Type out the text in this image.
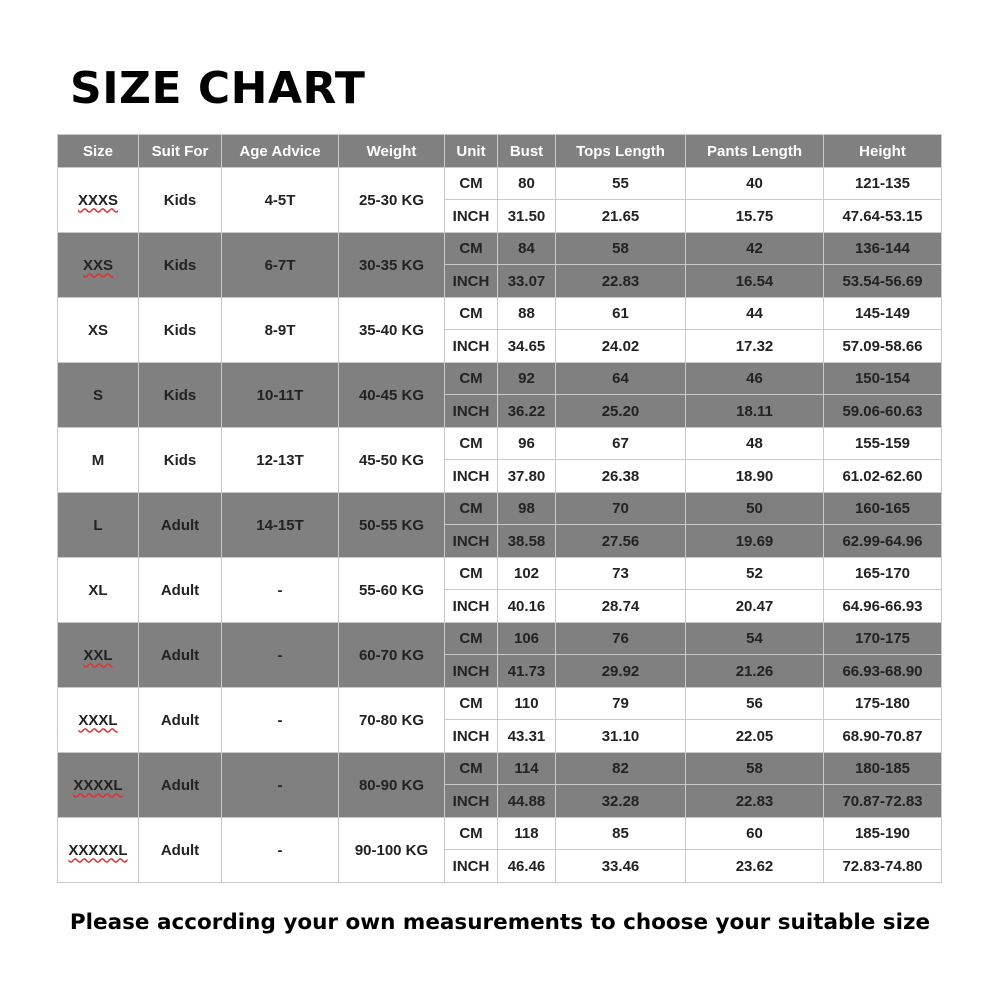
SIZE CHART
Size	Suit For	Age Advice	Weight	Unit	Bust	Tops Length	Pants Length	Height
XXXS	Kids	4-5T	25-30 KG	CM	80	55	40	121-135
				INCH	31.50	21.65	15.75	47.64-53.15
XXS	Kids	6-7T	30-35 KG	CM	84	58	42	136-144
				INCH	33.07	22.83	16.54	53.54-56.69
XS	Kids	8-9T	35-40 KG	CM	88	61	44	145-149
				INCH	34.65	24.02	17.32	57.09-58.66
S	Kids	10-11T	40-45 KG	CM	92	64	46	150-154
				INCH	36.22	25.20	18.11	59.06-60.63
M	Kids	12-13T	45-50 KG	CM	96	67	48	155-159
				INCH	37.80	26.38	18.90	61.02-62.60
L	Adult	14-15T	50-55 KG	CM	98	70	50	160-165
				INCH	38.58	27.56	19.69	62.99-64.96
XL	Adult	-	55-60 KG	CM	102	73	52	165-170
				INCH	40.16	28.74	20.47	64.96-66.93
XXL	Adult	-	60-70 KG	CM	106	76	54	170-175
				INCH	41.73	29.92	21.26	66.93-68.90
XXXL	Adult	-	70-80 KG	CM	110	79	56	175-180
				INCH	43.31	31.10	22.05	68.90-70.87
XXXXL	Adult	-	80-90 KG	CM	114	82	58	180-185
				INCH	44.88	32.28	22.83	70.87-72.83
XXXXXL	Adult	-	90-100 KG	CM	118	85	60	185-190
				INCH	46.46	33.46	23.62	72.83-74.80

Please according your own measurements to choose your suitable size
